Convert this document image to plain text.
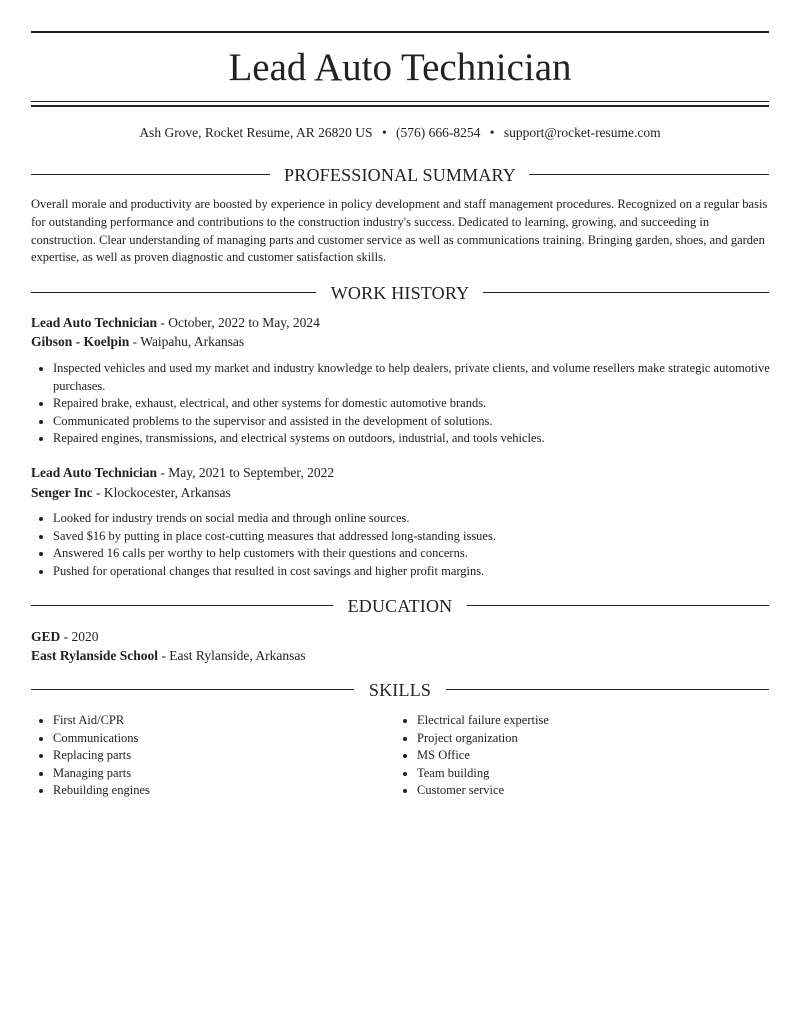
Lead Auto Technician
Ash Grove, Rocket Resume, AR 26820 US • (576) 666-8254 • support@rocket-resume.com
PROFESSIONAL SUMMARY

Overall morale and productivity are boosted by experience in policy development and staff management procedures. Recognized on a regular basis for outstanding performance and contributions to the construction industry's success. Dedicated to learning, growing, and succeeding in construction. Clear understanding of managing parts and customer service as well as communications training. Bringing garden, shoes, and garden expertise, as well as proven diagnostic and customer satisfaction skills.

WORK HISTORY
Lead Auto Technician - October, 2022 to May, 2024
Gibson - Koelpin - Waipahu, Arkansas
• Inspected vehicles and used my market and industry knowledge to help dealers, private clients, and volume resellers make strategic automotive purchases.
• Repaired brake, exhaust, electrical, and other systems for domestic automotive brands.
• Communicated problems to the supervisor and assisted in the development of solutions.
• Repaired engines, transmissions, and electrical systems on outdoors, industrial, and tools vehicles.
Lead Auto Technician - May, 2021 to September, 2022
Senger Inc - Klockocester, Arkansas
• Looked for industry trends on social media and through online sources.
• Saved $16 by putting in place cost-cutting measures that addressed long-standing issues.
• Answered 16 calls per worthy to help customers with their questions and concerns.
• Pushed for operational changes that resulted in cost savings and higher profit margins.
EDUCATION
GED - 2020
East Rylanside School - East Rylanside, Arkansas
SKILLS
• First Aid/CPR
• Communications
• Replacing parts
• Managing parts
• Rebuilding engines
• Electrical failure expertise
• Project organization
• MS Office
• Team building
• Customer service
